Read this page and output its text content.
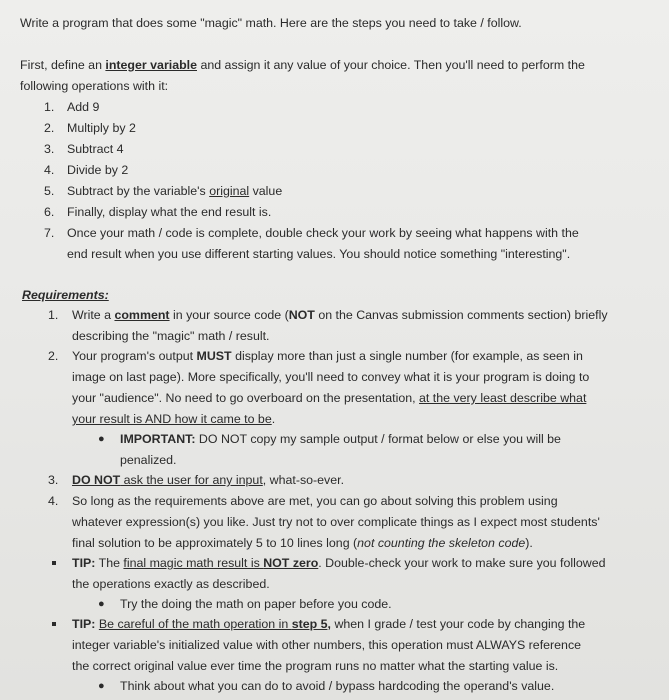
Write a program that does some "magic" math. Here are the steps you need to take / follow.
First, define an integer variable and assign it any value of your choice. Then you'll need to perform the
following operations with it:
1. Add 9
2. Multiply by 2
3. Subtract 4
4. Divide by 2
5. Subtract by the variable's original value
6. Finally, display what the end result is.
7. Once your math / code is complete, double check your work by seeing what happens with the
end result when you use different starting values. You should notice something "interesting".
Requirements:
1. Write a comment in your source code (NOT on the Canvas submission comments section) briefly
describing the "magic" math / result.
2. Your program's output MUST display more than just a single number (for example, as seen in
image on last page). More specifically, you'll need to convey what it is your program is doing to
your "audience". No need to go overboard on the presentation, at the very least describe what
your result is AND how it came to be.
● IMPORTANT: DO NOT copy my sample output / format below or else you will be
penalized.
3. DO NOT ask the user for any input, what-so-ever.
4. So long as the requirements above are met, you can go about solving this problem using
whatever expression(s) you like. Just try not to over complicate things as I expect most students'
final solution to be approximately 5 to 10 lines long (not counting the skeleton code).
TIP: The final magic math result is NOT zero. Double-check your work to make sure you followed
the operations exactly as described.
● Try the doing the math on paper before you code.
TIP: Be careful of the math operation in step 5, when I grade / test your code by changing the
integer variable's initialized value with other numbers, this operation must ALWAYS reference
the correct original value ever time the program runs no matter what the starting value is.
● Think about what you can do to avoid / bypass hardcoding the operand's value.
